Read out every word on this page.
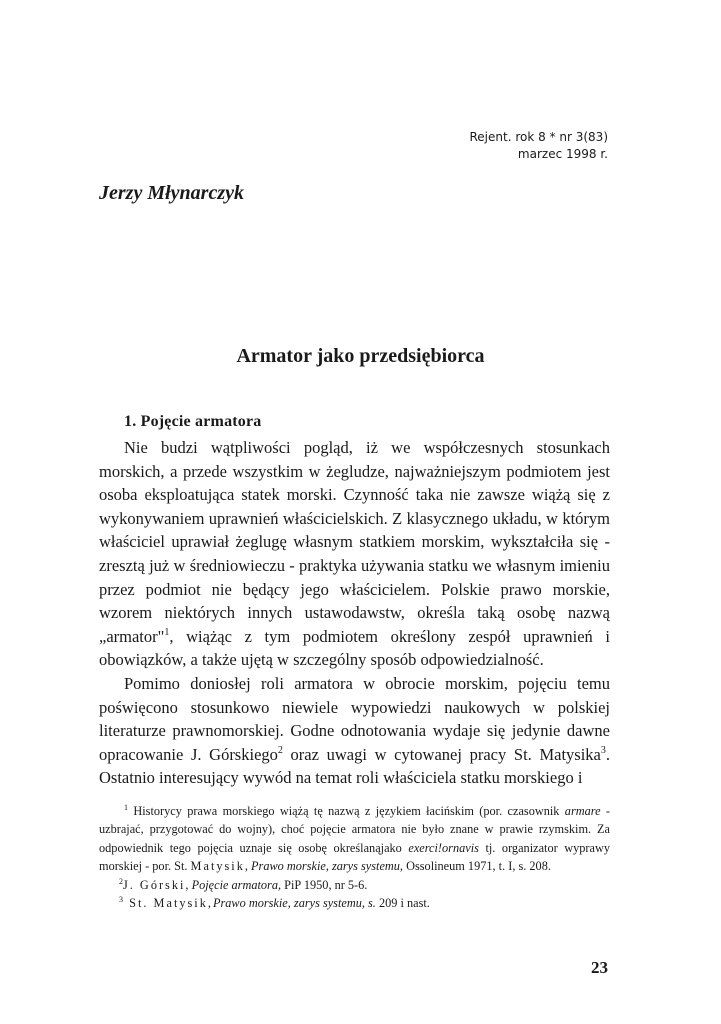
Rejent. rok 8 * nr 3(83)
marzec 1998 r.
Jerzy Młynarczyk
Armator jako przedsiębiorca
1. Pojęcie armatora

Nie budzi wątpliwości pogląd, iż we współczesnych stosunkach morskich, a przede wszystkim w żegludze, najważniejszym podmiotem jest osoba eksploatująca statek morski. Czynność taka nie zawsze wiążą się z wykonywaniem uprawnień właścicielskich. Z klasycznego układu, w którym właściciel uprawiał żeglugę własnym statkiem morskim, wykształciła się - zresztą już w średniowieczu - praktyka używania statku we własnym imieniu przez podmiot nie będący jego właścicielem. Polskie prawo morskie, wzorem niektórych innych ustawodawstw, określa taką osobę nazwą „armator"$^1$, wiążąc z tym podmiotem określony zespół uprawnień i obowiązków, a także ujętą w szczególny sposób odpowiedzialność.

Pomimo doniosłej roli armatora w obrocie morskim, pojęciu temu poświęcono stosunkowo niewiele wypowiedzi naukowych w polskiej literaturze prawnomorskiej. Godne odnotowania wydaje się jedynie dawne opracowanie J. Górskiego$^2$ oraz uwagi w cytowanej pracy St. Matysika$^3$. Ostatnio interesujący wywód na temat roli właściciela statku morskiego i

$^1$ Historycy prawa morskiego wiążą tę nazwą z językiem łacińskim (por. czasownik armare - uzbrajać, przygotować do wojny), choć pojęcie armatora nie było znane w prawie rzymskim. Za odpowiednik tego pojęcia uznaje się osobę określanąjako exerci!ornavis tj. organizator wyprawy morskiej - por. St. Matysik, Prawo morskie, zarys systemu, Ossolineum 1971, t. I, s. 208.

$^2$J. Górski, Pojęcie armatora, PiP 1950, nr 5-6.

$^3$ St. Matysik,Prawo morskie, zarys systemu, s. 209 i nast.

23
